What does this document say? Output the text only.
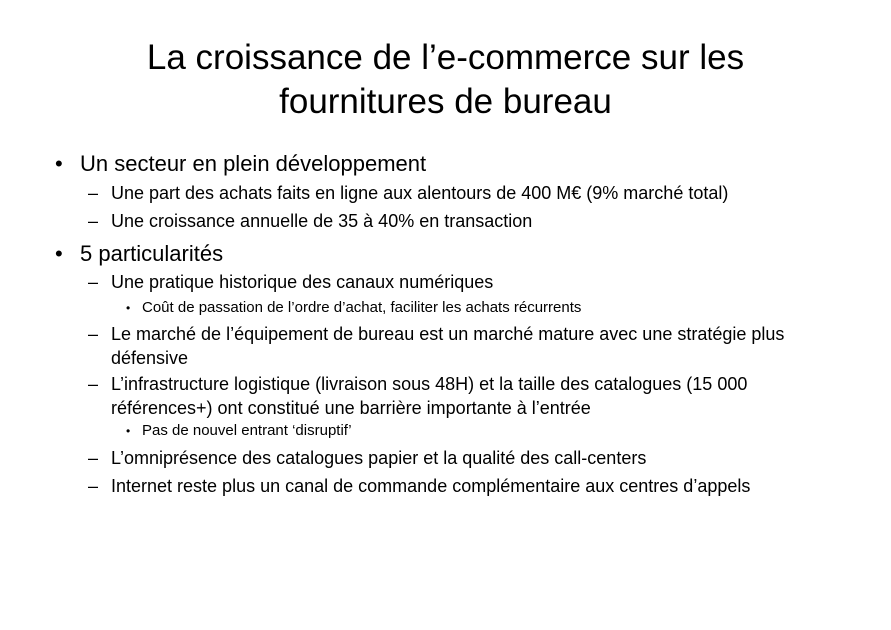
La croissance de l’e-commerce sur les fournitures de bureau
• Un secteur en plein développement
– Une part des achats faits en ligne aux alentours de 400 M€ (9% marché total)
– Une croissance annuelle de 35 à 40% en transaction
• 5 particularités
– Une pratique historique des canaux numériques
• Coût de passation de l’ordre d’achat, faciliter les achats récurrents
– Le marché de l’équipement de bureau est un marché mature avec une stratégie plus défensive
– L’infrastructure logistique (livraison sous 48H) et la taille des catalogues (15 000 références+) ont constitué une barrière importante à l’entrée
• Pas de nouvel entrant ‘disruptif’
– L’omniprésence des catalogues papier et la qualité des call-centers
– Internet reste plus un canal de commande complémentaire aux centres d’appels
